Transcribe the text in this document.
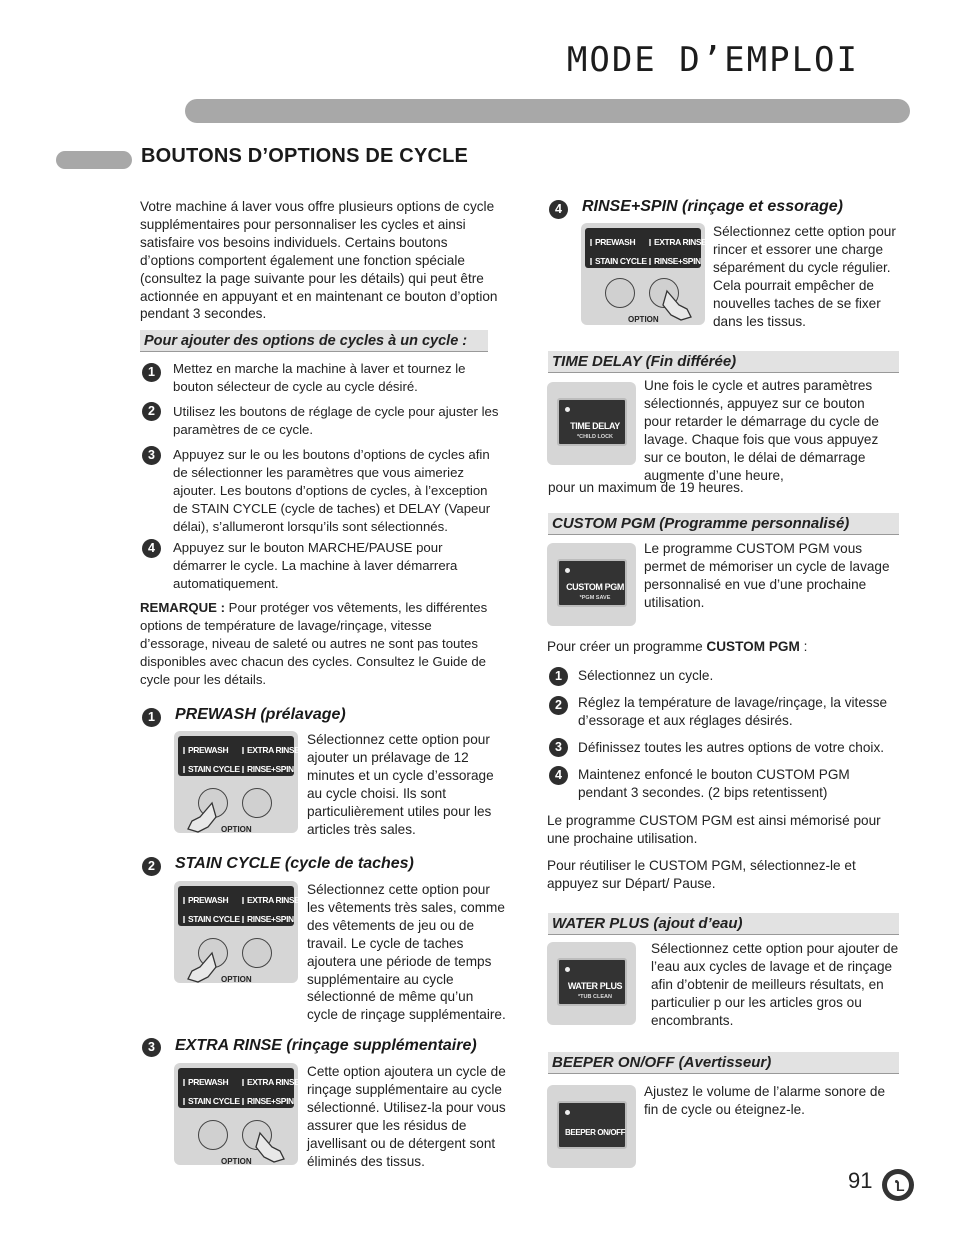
MODE D’EMPLOI
BOUTONS D’OPTIONS DE CYCLE
Votre machine á laver vous offre plusieurs options de cycle supplémentaires pour personnaliser les cycles et ainsi satisfaire vos besoins individuels. Certains boutons d’options comportent également une fonction spéciale (consultez la page suivante pour les détails) qui peut être actionnée en appuyant et en maintenant ce bouton d’option pendant 3 secondes.
Pour ajouter des options de cycles à un cycle :
1	Mettez en marche la machine à laver et tournez le bouton sélecteur de cycle au cycle désiré.
2	Utilisez les boutons de réglage de cycle pour ajuster les paramètres de ce cycle.
3	Appuyez sur le ou les boutons d’options de cycles afin de sélectionner les paramètres que vous aimeriez ajouter. Les boutons d’options de cycles, à l’exception de STAIN CYCLE (cycle de taches) et DELAY (Vapeur délai), s’allumeront lorsqu’ils sont sélectionnés.
4	Appuyez sur le bouton MARCHE/PAUSE pour démarrer le cycle. La machine à laver démarrera automatiquement.
REMARQUE : Pour protéger vos vêtements, les différentes options de température de lavage/rinçage, vitesse d’essorage, niveau de saleté ou autres ne sont pas toutes disponibles avec chacun des cycles. Consultez le Guide de cycle pour les détails.
1	PREWASH (prélavage)
PREWASH	EXTRA RINSE
STAIN CYCLE RINSE+SPIN
OPTION
Sélectionnez cette option pour ajouter un prélavage de 12 minutes et un cycle d’essorage au cycle choisi. Ils sont particulièrement utiles pour les articles très sales.
2	STAIN CYCLE (cycle de taches)
PREWASH	EXTRA RINSE
STAIN CYCLE RINSE+SPIN
OPTION
Sélectionnez cette option pour les vêtements très sales, comme des vêtements de jeu ou de travail. Le cycle de taches ajoutera une période de temps supplémentaire au cycle sélectionné de même qu’un cycle de rinçage supplémentaire.
3	EXTRA RINSE (rinçage supplémentaire)
PREWASH	EXTRA RINSE
STAIN CYCLE RINSE+SPIN
OPTION
Cette option ajoutera un cycle de rinçage supplémentaire au cycle sélectionné. Utilisez-la pour vous assurer que les résidus de javellisant ou de détergent sont éliminés des tissus.
4	RINSE+SPIN (rinçage et essorage)
PREWASH	EXTRA RINSE
STAIN CYCLE RINSE+SPIN
OPTION
Sélectionnez cette option pour rincer et essorer une charge séparément du cycle régulier. Cela pourrait empêcher de nouvelles taches de se fixer dans les tissus.
TIME DELAY (Fin différée)
TIME DELAY
*CHILD LOCK
Une fois le cycle et autres paramètres sélectionnés, appuyez sur ce bouton pour retarder le démarrage du cycle de lavage. Chaque fois que vous appuyez sur ce bouton, le délai de démarrage augmente d’une heure,
pour un maximum de 19 heures.
CUSTOM PGM (Programme personnalisé)
CUSTOM PGM
*PGM SAVE
Le programme CUSTOM PGM vous permet de mémoriser un cycle de lavage personnalisé en vue d’une prochaine utilisation.
Pour créer un programme CUSTOM PGM :
1	Sélectionnez un cycle.
2	Réglez la température de lavage/rinçage, la vitesse d’essorage et aux réglages désirés.
3	Définissez toutes les autres options de votre choix.
4	Maintenez enfoncé le bouton CUSTOM PGM pendant 3 secondes. (2 bips retentissent)
Le programme CUSTOM PGM est ainsi mémorisé pour une prochaine utilisation.
Pour réutiliser le CUSTOM PGM, sélectionnez-le et appuyez sur Départ/ Pause.
WATER PLUS (ajout d’eau)
WATER PLUS
*TUB CLEAN
Sélectionnez cette option pour ajouter de l’eau aux cycles de lavage et de rinçage afin d’obtenir de meilleurs résultats, en particulier p our les articles gros ou encombrants.
BEEPER ON/OFF (Avertisseur)
BEEPER ON/OFF
Ajustez le volume de l’alarme sonore de fin de cycle ou éteignez-le.
91 L
